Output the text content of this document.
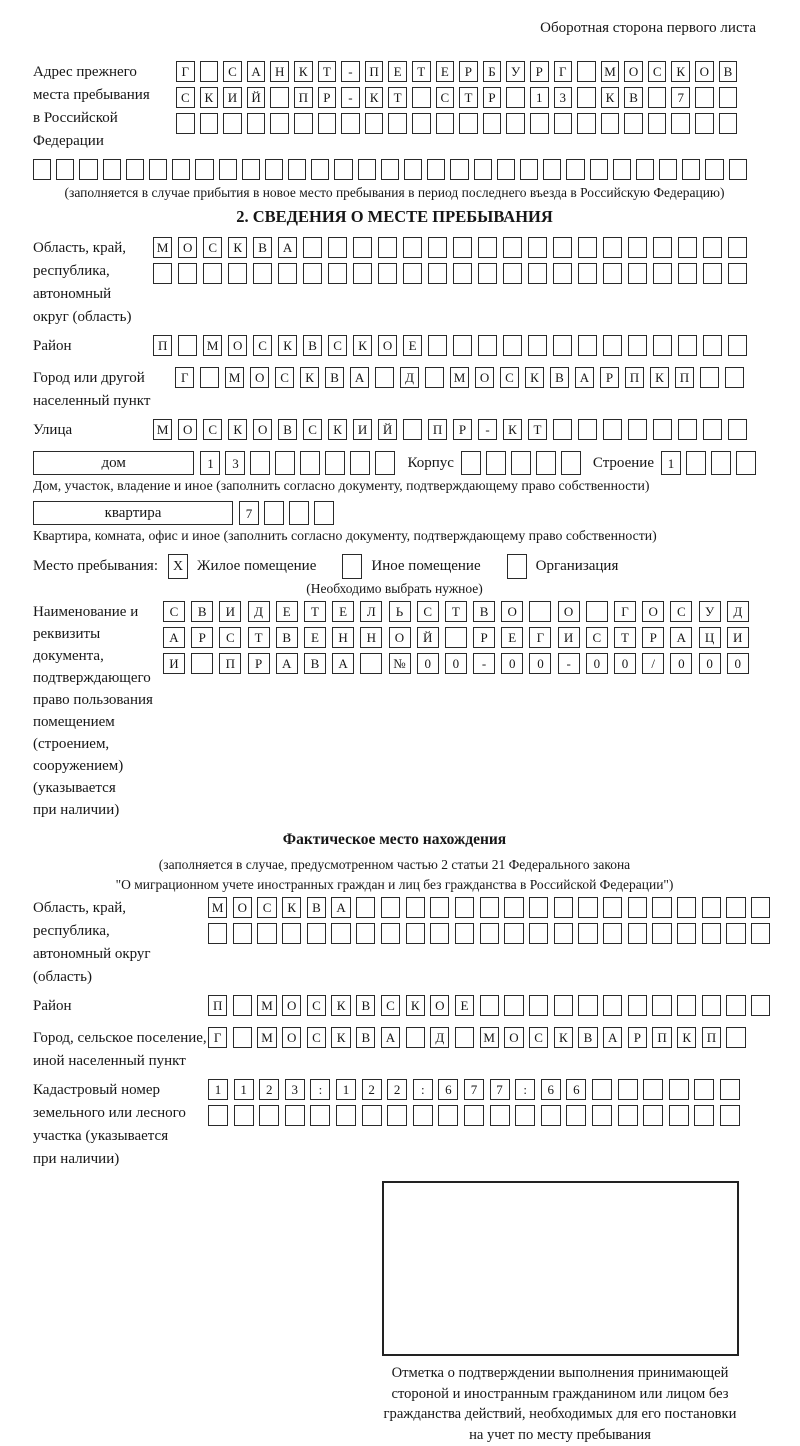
Оборотная сторона первого листа
Адрес прежнего
места пребывания
в Российской
Федерации
Г	С	А	Н	К	Т	-	П	Е	Т	Е	Р	Б	У	Р	Г	М	О	С	К	О	В
С	К	И	Й	П	Р	-	К	Т	С	Т	Р	1	3	К	В	7
(заполняется в случае прибытия в новое место пребывания в период последнего въезда в Российскую Федерацию)
2. СВЕДЕНИЯ О МЕСТЕ ПРЕБЫВАНИЯ
Область, край,
республика,
автономный
округ (область)
М	О	С	К	В	А
Район	П	М	О	С	К	В	С	К	О	Е
Город или другой
населенный пункт
Г	М	О	С	К	В	А	Д	М	О	С	К	В	А	Р	П	К	П
Улица	М	О	С	К	О	В	С	К	И	Й	П	Р	-	К	Т
дом	1	3	Корпус	Строение	1
Дом, участок, владение и иное (заполнить согласно документу, подтверждающему право собственности)
квартира	7
Квартира, комната, офис и иное (заполнить согласно документу, подтверждающему право собственности)
Место пребывания:	X Жилое помещение	Иное помещение	Организация
(Необходимо выбрать нужное)
Наименование и реквизиты
документа, подтверждающего
право пользования
помещением (строением,
сооружением) (указывается
при наличии)
С	В	И	Д	Е	Т	Е	Л	Ь	С	Т	В	О	О	Г	О	С	У	Д
А	Р	С	Т	В	Е	Н	Н	О	Й	Р	Е	Г	И	С	Т	Р	А	Ц	И
И	П	Р	А	В	А	№	0	0	-	0	0	-	0	0	/	0	0	0
Фактическое место нахождения
(заполняется в случае, предусмотренном частью 2 статьи 21 Федерального закона
"О миграционном учете иностранных граждан и лиц без гражданства в Российской Федерации")
Область, край,
республика,
автономный округ
(область)
М	О	С	К	В	А
Район	П	М	О	С	К	В	С	К	О	Е
Город, сельское поселение,
иной населенный пункт
Г	М	О	С	К	В	А	Д	М	О	С	К	В	А	Р	П	К	П
Кадастровый номер
земельного или лесного
участка (указывается
при наличии)
1	1	2	3	:	1	2	2	:	6	7	7	:	6	6
Отметка о подтверждении выполнения принимающей
стороной и иностранным гражданином или лицом без
гражданства действий, необходимых для его постановки
на учет по месту пребывания
